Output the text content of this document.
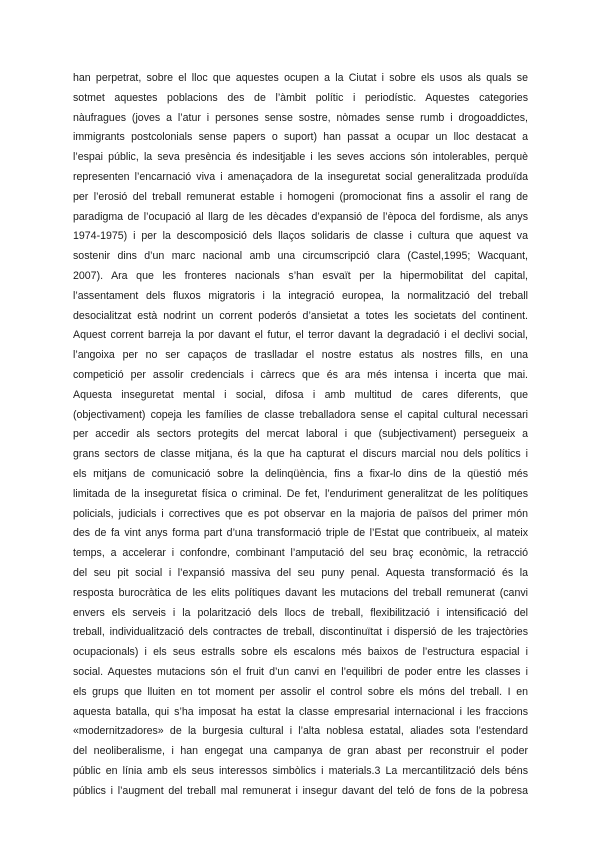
han perpetrat, sobre el lloc que aquestes ocupen a la Ciutat i sobre els usos als quals se
sotmet aquestes poblacions des de l’àmbit polític i periodístic. Aquestes categories
nàufragues (joves a l’atur i persones sense sostre, nòmades sense rumb i drogoaddictes,
immigrants postcolonials sense papers o suport) han passat a ocupar un lloc destacat a
l’espai públic, la seva presència és indesitjable i les seves accions són intolerables, perquè
representen l’encarnació viva i amenaçadora de la inseguretat social generalitzada produïda
per l’erosió del treball remunerat estable i homogeni (promocionat fins a assolir el rang de
paradigma de l’ocupació al llarg de les dècades d’expansió de l’època del fordisme, als anys
1974-1975) i per la descomposició dels llaços solidaris de classe i cultura que aquest va
sostenir dins d’un marc nacional amb una circumscripció clara (Castel,1995; Wacquant,
2007). Ara que les fronteres nacionals s’han esvaït per la hipermobilitat del capital,
l’assentament dels fluxos migratoris i la integració europea, la normalització del treball
desocialitzat està nodrint un corrent poderós d’ansietat a totes les societats del continent.
Aquest corrent barreja la por davant el futur, el terror davant la degradació i el declivi social,
l’angoixa per no ser capaços de traslladar el nostre estatus als nostres fills, en una
competició per assolir credencials i càrrecs que és ara més intensa i incerta que mai.
Aquesta inseguretat mental i social, difosa i amb multitud de cares diferents, que
(objectivament) copeja les famílies de classe treballadora sense el capital cultural necessari
per accedir als sectors protegits del mercat laboral i que (subjectivament) persegueix a
grans sectors de classe mitjana, és la que ha capturat el discurs marcial nou dels polítics i
els mitjans de comunicació sobre la delinqüència, fins a fixar-lo dins de la qüestió més
limitada de la inseguretat física o criminal. De fet, l’enduriment generalitzat de les polítiques
policials, judicials i correctives que es pot observar en la majoria de països del primer món
des de fa vint anys forma part d’una transformació triple de l’Estat que contribueix, al mateix
temps, a accelerar i confondre, combinant l’amputació del seu braç econòmic, la retracció
del seu pit social i l’expansió massiva del seu puny penal. Aquesta transformació és la
resposta burocràtica de les elits polítiques davant les mutacions del treball remunerat (canvi
envers els serveis i la polarització dels llocs de treball, flexibilització i intensificació del
treball, individualització dels contractes de treball, discontinuïtat i dispersió de les trajectòries
ocupacionals) i els seus estralls sobre els escalons més baixos de l’estructura espacial i
social. Aquestes mutacions són el fruit d’un canvi en l’equilibri de poder entre les classes i
els grups que lluiten en tot moment per assolir el control sobre els móns del treball. I en
aquesta batalla, qui s’ha imposat ha estat la classe empresarial internacional i les fraccions
«modernitzadores» de la burgesia cultural i l’alta noblesa estatal, aliades sota l’estendard
del neoliberalisme, i han engegat una campanya de gran abast per reconstruir el poder
públic en línia amb els seus interessos simbòlics i materials.3 La mercantilització dels béns
públics i l’augment del treball mal remunerat i insegur davant del teló de fons de la pobresa
